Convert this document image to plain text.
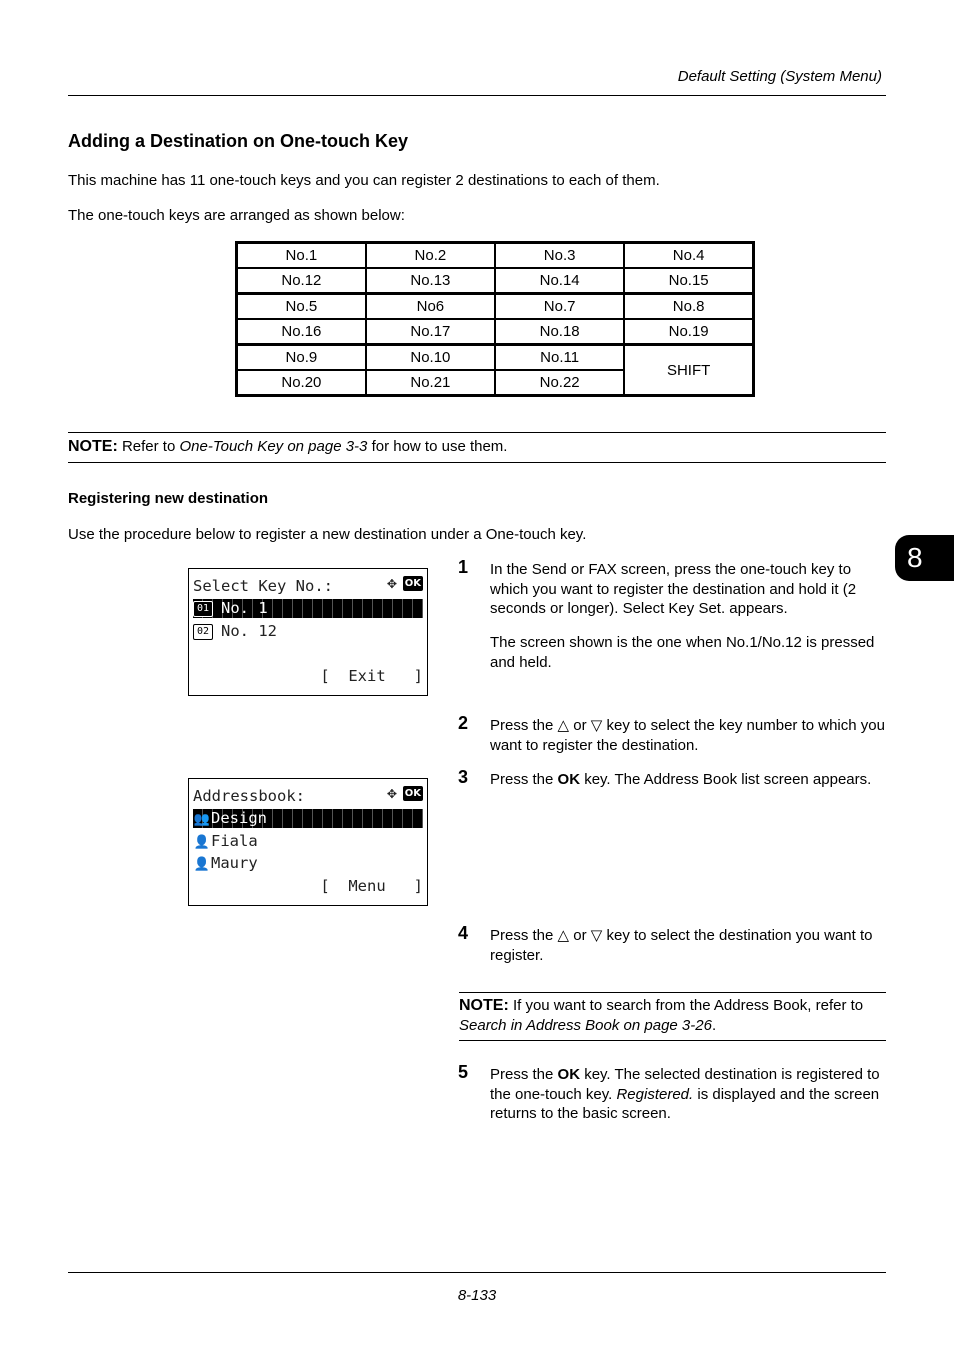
Default Setting (System Menu)
Adding a Destination on One-touch Key
This machine has 11 one-touch keys and you can register 2 destinations to each of them.
The one-touch keys are arranged as shown below:
No.1	No.2	No.3	No.4
No.12	No.13	No.14	No.15
No.5	No6	No.7	No.8
No.16	No.17	No.18	No.19
No.9	No.10	No.11	SHIFT
No.20	No.21	No.22	
NOTE: Refer to One-Touch Key on page 3-3 for how to use them.
Registering new destination
Use the procedure below to register a new destination under a One-touch key.
8
Select Key No.:	✥ OK
01 No. 1
02 No. 12
[  Exit   ]
Addressbook:	✥ OK
👥Design
👤Fiala
👤Maury
[  Menu   ]
1 In the Send or FAX screen, press the one-touch key to which you want to register the destination and hold it (2 seconds or longer). Select Key Set. appears.
The screen shown is the one when No.1/No.12 is pressed and held.
2 Press the △ or ▽ key to select the key number to which you want to register the destination.
3 Press the OK key. The Address Book list screen appears.
4 Press the △ or ▽ key to select the destination you want to register.
NOTE: If you want to search from the Address Book, refer to Search in Address Book on page 3-26.
5 Press the OK key. The selected destination is registered to the one-touch key. Registered. is displayed and the screen returns to the basic screen.
8-133
